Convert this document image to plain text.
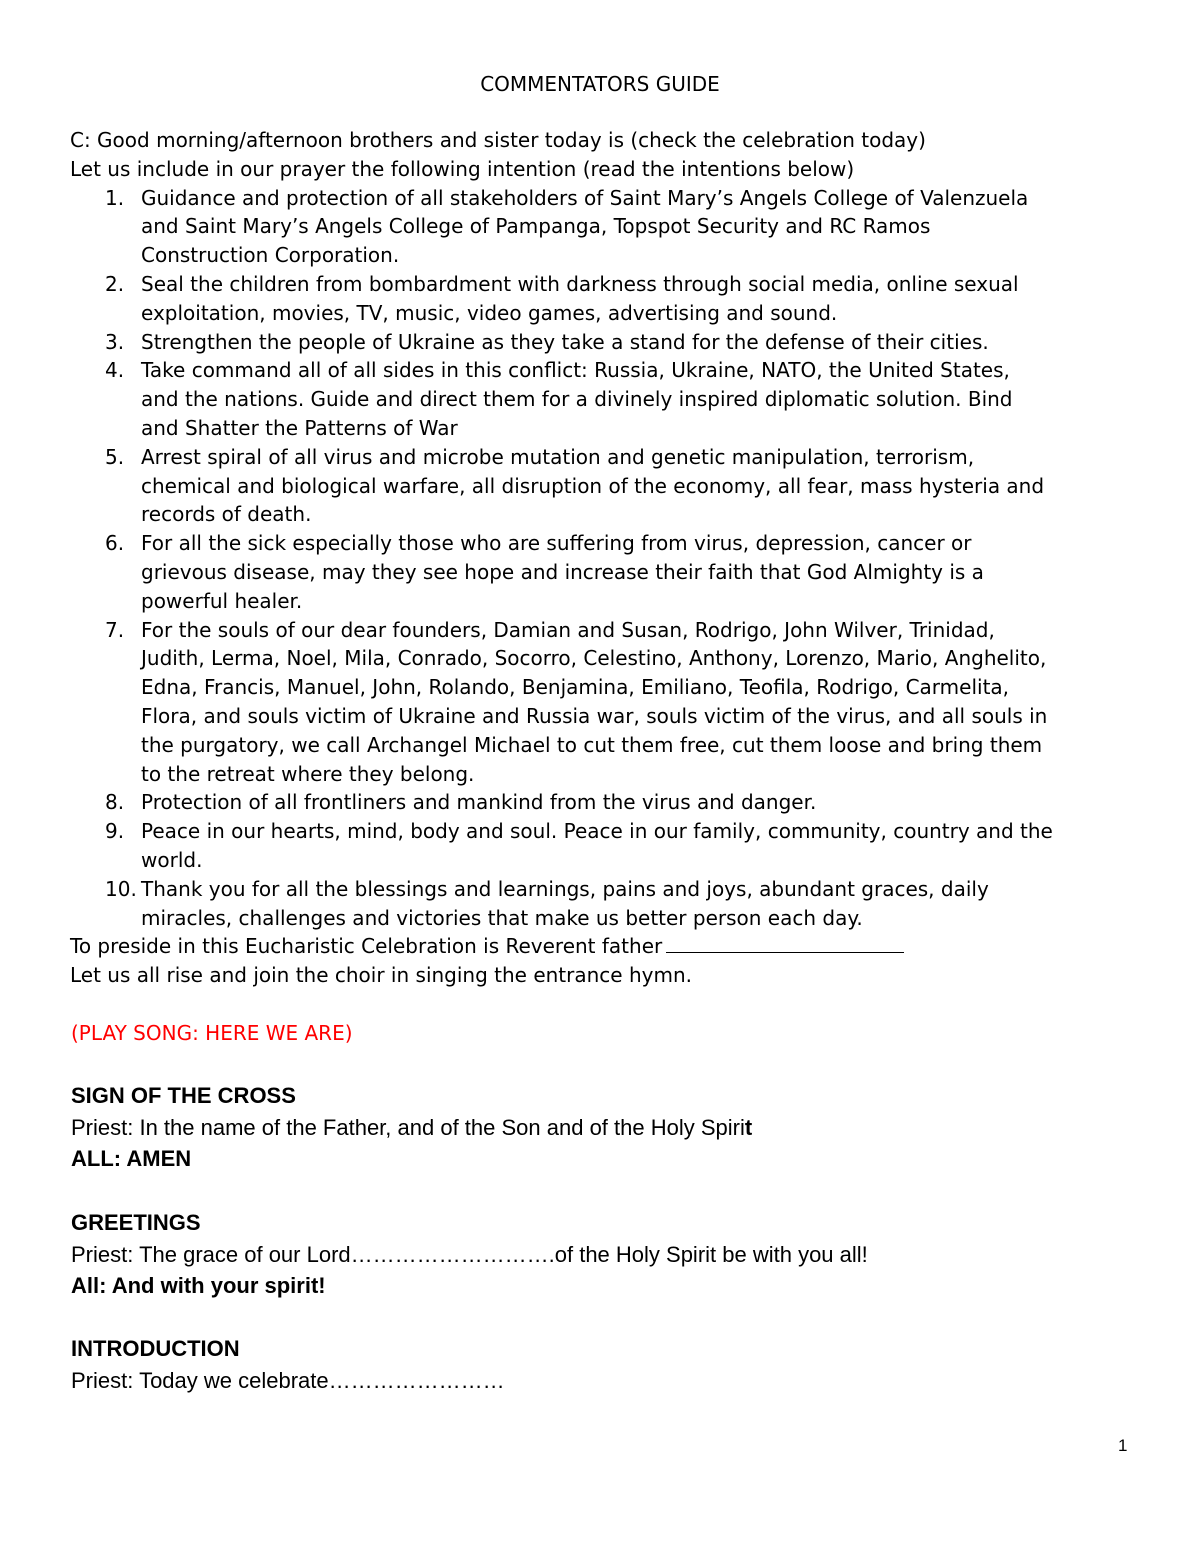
COMMENTATORS GUIDE

C: Good morning/afternoon brothers and sister today is (check the celebration today)

Let us include in our prayer the following intention (read the intentions below)

1. Guidance and protection of all stakeholders of Saint Mary’s Angels College of Valenzuela
and Saint Mary’s Angels College of Pampanga, Topspot Security and RC Ramos
Construction Corporation.
2. Seal the children from bombardment with darkness through social media, online sexual
exploitation, movies, TV, music, video games, advertising and sound.
3. Strengthen the people of Ukraine as they take a stand for the defense of their cities.
4. Take command all of all sides in this conflict: Russia, Ukraine, NATO, the United States,
and the nations. Guide and direct them for a divinely inspired diplomatic solution. Bind
and Shatter the Patterns of War
5. Arrest spiral of all virus and microbe mutation and genetic manipulation, terrorism,
chemical and biological warfare, all disruption of the economy, all fear, mass hysteria and
records of death.
6. For all the sick especially those who are suffering from virus, depression, cancer or
grievous disease, may they see hope and increase their faith that God Almighty is a
powerful healer.
7. For the souls of our dear founders, Damian and Susan, Rodrigo, John Wilver, Trinidad,
Judith, Lerma, Noel, Mila, Conrado, Socorro, Celestino, Anthony, Lorenzo, Mario, Anghelito,
Edna, Francis, Manuel, John, Rolando, Benjamina, Emiliano, Teofila, Rodrigo, Carmelita,
Flora, and souls victim of Ukraine and Russia war, souls victim of the virus, and all souls in
the purgatory, we call Archangel Michael to cut them free, cut them loose and bring them
to the retreat where they belong.
8. Protection of all frontliners and mankind from the virus and danger.
9. Peace in our hearts, mind, body and soul. Peace in our family, community, country and the
world.
10. Thank you for all the blessings and learnings, pains and joys, abundant graces, daily
miracles, challenges and victories that make us better person each day.

To preside in this Eucharistic Celebration is Reverent father

Let us all rise and join the choir in singing the entrance hymn.

(PLAY SONG: HERE WE ARE)

SIGN OF THE CROSS

Priest: In the name of the Father, and of the Son and of the Holy Spirit

ALL: AMEN

GREETINGS

Priest: The grace of our Lord……………………….of the Holy Spirit be with you all!

All: And with your spirit!

INTRODUCTION

Priest: Today we celebrate……………………

1
